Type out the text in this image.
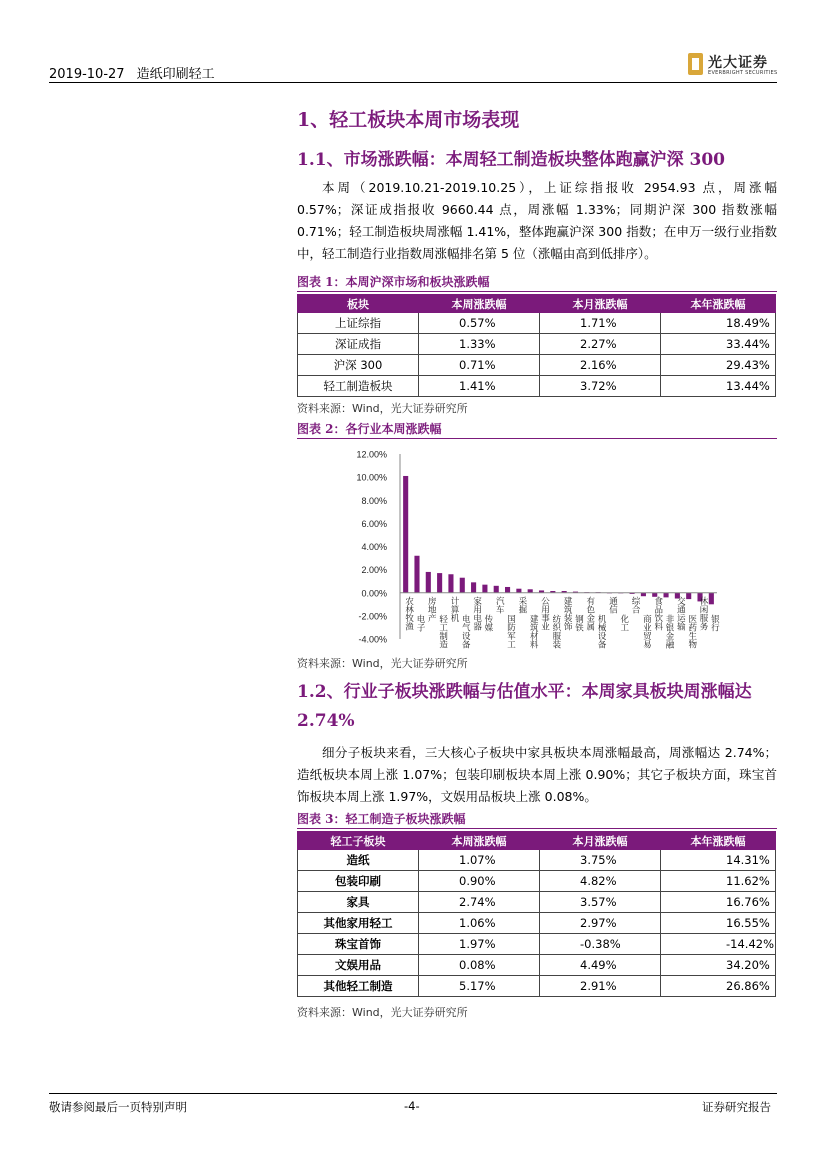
2019-10-27 造纸印刷轻工
光大证券
EVERBRIGHT SECURITIES
1、轻工板块本周市场表现
1.1、市场涨跌幅：本周轻工制造板块整体跑赢沪深 300

本周（2019.10.21-2019.10.25），上证综指报收 2954.93 点，周涨幅 0.57%；深证成指报收 9660.44 点，周涨幅 1.33%；同期沪深 300 指数涨幅 0.71%；轻工制造板块周涨幅 1.41%，整体跑赢沪深 300 指数；在申万一级行业指数中，轻工制造行业指数周涨幅排名第 5 位（涨幅由高到低排序）。

图表 1：本周沪深市场和板块涨跌幅
板块	本周涨跌幅	本月涨跌幅	本年涨跌幅
上证综指	0.57%	1.71%	18.49%
深证成指	1.33%	2.27%	33.44%
沪深 300	0.71%	2.16%	29.43%
轻工制造板块	1.41%	3.72%	13.44%
资料来源：Wind，光大证券研究所
图表 2：各行业本周涨跌幅
12.00%
10.00%
8.00%
6.00%
4.00%
2.00%
0.00%
-2.00%
-4.00%
农林牧渔 房地产 计算机 家用电器 汽车 采掘 公用事业 建筑装饰 有色金属 通信 综合 食品饮料 交通运输 休闲服务
电子 轻工制造 电气设备 传媒 国防军工 建筑材料 纺织服装 钢铁 机械设备 化工 商业贸易 非银金融 医药生物 银行
资料来源：Wind，光大证券研究所
1.2、行业子板块涨跌幅与估值水平：本周家具板块周涨幅达 2.74%

细分子板块来看，三大核心子板块中家具板块本周涨幅最高，周涨幅达 2.74%；造纸板块本周上涨 1.07%；包装印刷板块本周上涨 0.90%；其它子板块方面，珠宝首饰板块本周上涨 1.97%，文娱用品板块上涨 0.08%。

图表 3：轻工制造子板块涨跌幅
轻工子板块	本周涨跌幅	本月涨跌幅	本年涨跌幅
造纸	1.07%	3.75%	14.31%
包装印刷	0.90%	4.82%	11.62%
家具	2.74%	3.57%	16.76%
其他家用轻工	1.06%	2.97%	16.55%
珠宝首饰	1.97%	-0.38%	-14.42%
文娱用品	0.08%	4.49%	34.20%
其他轻工制造	5.17%	2.91%	26.86%
资料来源：Wind，光大证券研究所
敬请参阅最后一页特别声明	-4-	证券研究报告
